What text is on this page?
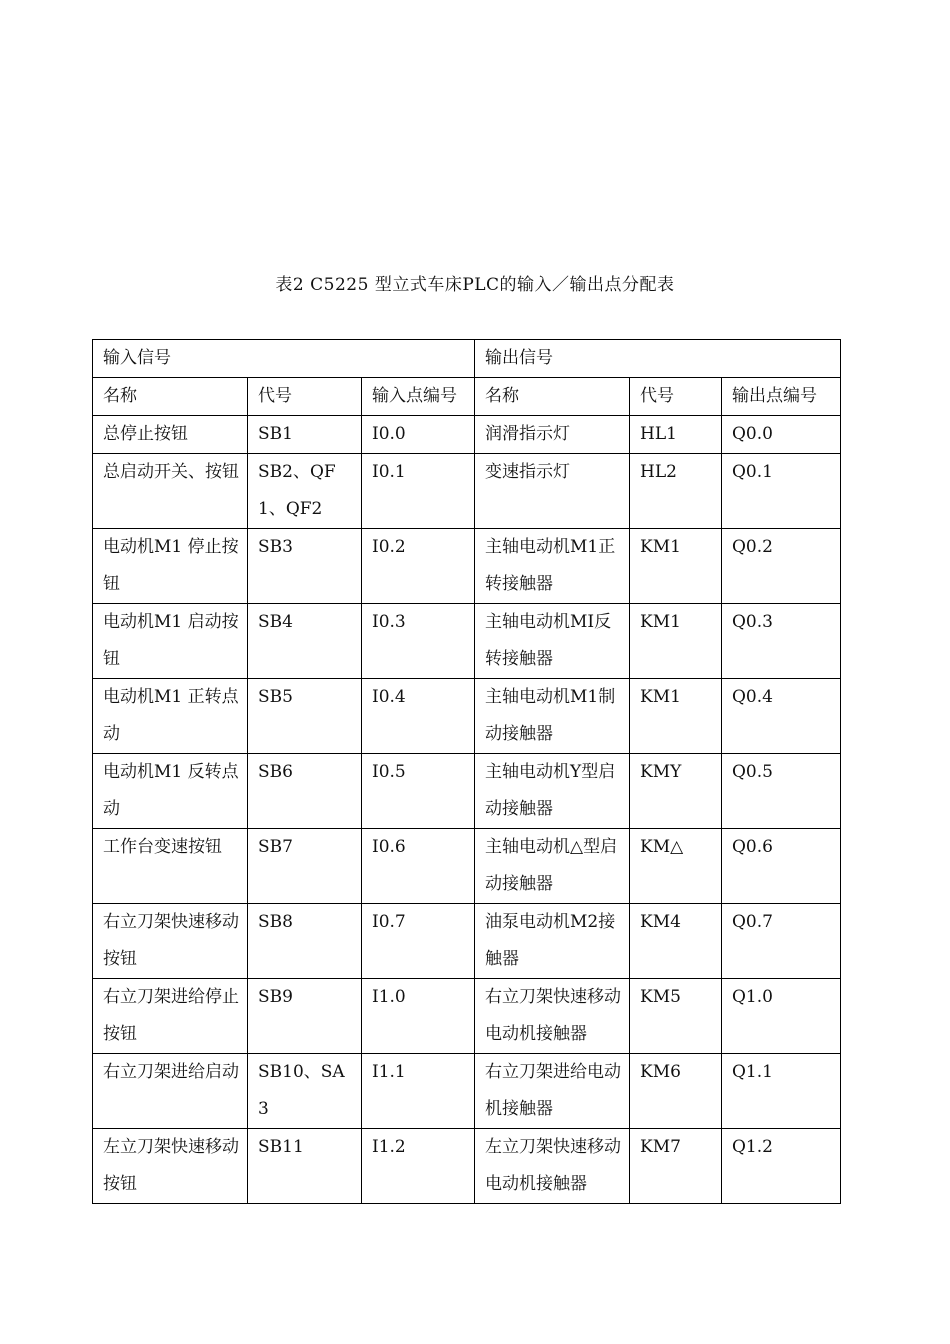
表2 C5225 型立式车床PLC的输入／输出点分配表
输入信号			输出信号		
名称	代号	输入点编号	名称	代号	输出点编号
总停止按钮	SB1	I0.0	润滑指示灯	HL1	Q0.0
总启动开关、按钮	SB2、QF1、QF2	I0.1	变速指示灯	HL2	Q0.1
电动机M1 停止按钮	SB3	I0.2	主轴电动机M1正转接触器	KM1	Q0.2
电动机M1 启动按钮	SB4	I0.3	主轴电动机MI反转接触器	KM1	Q0.3
电动机M1 正转点动	SB5	I0.4	主轴电动机M1制动接触器	KM1	Q0.4
电动机M1 反转点动	SB6	I0.5	主轴电动机Y型启动接触器	KMY	Q0.5
工作台变速按钮	SB7	I0.6	主轴电动机△型启动接触器	KM△	Q0.6
右立刀架快速移动按钮	SB8	I0.7	油泵电动机M2接触器	KM4	Q0.7
右立刀架进给停止按钮	SB9	I1.0	右立刀架快速移动电动机接触器	KM5	Q1.0
右立刀架进给启动	SB10、SA3	I1.1	右立刀架进给电动机接触器	KM6	Q1.1
左立刀架快速移动按钮	SB11	I1.2	左立刀架快速移动电动机接触器	KM7	Q1.2
